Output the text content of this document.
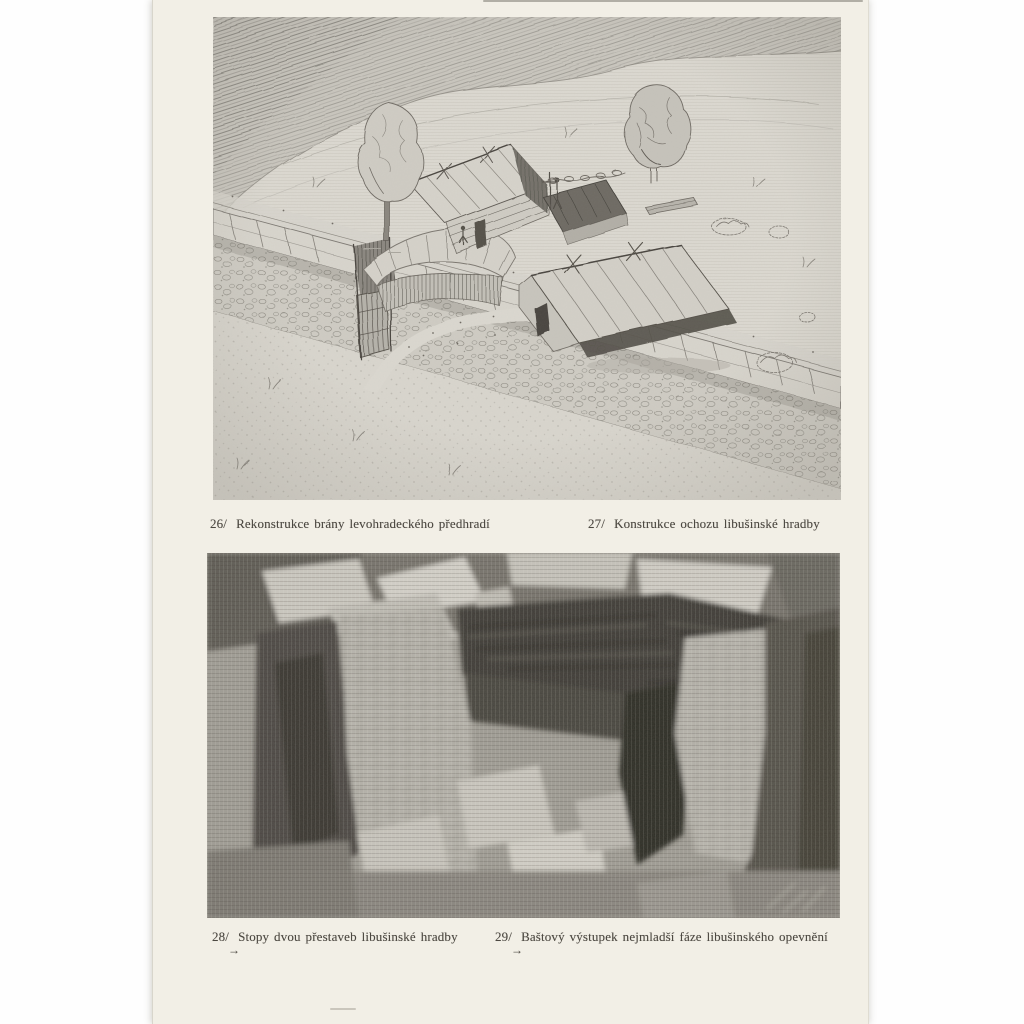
26/ Rekonstrukce brány levohradeckého předhradí	27/ Konstrukce ochozu libušinské hradby
28/ Stopy dvou přestaveb libušinské hradby
→
29/ Baštový výstupek nejmladší fáze libušinského opevnění
→
